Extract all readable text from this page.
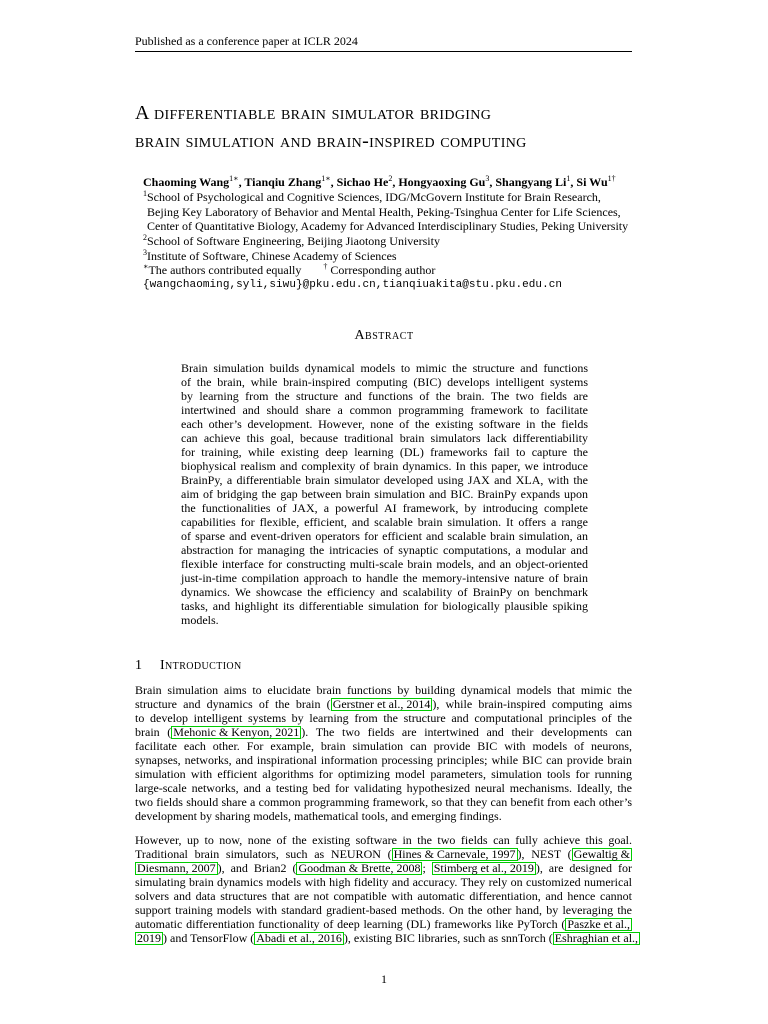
Published as a conference paper at ICLR 2024
A differentiable brain simulator bridging
brain simulation and brain-inspired computing
Chaoming Wang$^{1∗}$, Tianqiu Zhang$^{1∗}$, Sichao He$^2$, Hongyaoxing Gu$^3$, Shangyang Li$^1$, Si $Wu^{1\dagger}$
$^1$School of Psychological and Cognitive Sciences, IDG/McGovern Institute for Brain Research,
Bejing Key Laboratory of Behavior and Mental Health, Peking-Tsinghua Center for Life Sciences,
Center of Quantitative Biology, Academy for Advanced Interdisciplinary Studies, Peking University
$^2$School of Software Engineering, Beijing Jiaotong University
$^3$Institute of Software, Chinese Academy of Sciences
∗The authors contributed equally	† Corresponding author
{wangchaoming,syli,siwu}@pku.edu.cn,tianqiuakita@stu.pku.edu.cn
Abstract
Brain simulation builds dynamical models to mimic the structure and functions
of the brain, while brain-inspired computing (BIC) develops intelligent systems
by learning from the structure and functions of the brain. The two fields are
intertwined and should share a common programming framework to facilitate
each other’s development. However, none of the existing software in the fields
can achieve this goal, because traditional brain simulators lack differentiability
for training, while existing deep learning (DL) frameworks fail to capture the
biophysical realism and complexity of brain dynamics. In this paper, we introduce
BrainPy, a differentiable brain simulator developed using JAX and XLA, with the
aim of bridging the gap between brain simulation and BIC. BrainPy expands upon
the functionalities of JAX, a powerful AI framework, by introducing complete
capabilities for flexible, efficient, and scalable brain simulation. It offers a range
of sparse and event-driven operators for efficient and scalable brain simulation, an
abstraction for managing the intricacies of synaptic computations, a modular and
flexible interface for constructing multi-scale brain models, and an object-oriented
just-in-time compilation approach to handle the memory-intensive nature of brain
dynamics. We showcase the efficiency and scalability of BrainPy on benchmark
tasks, and highlight its differentiable simulation for biologically plausible spiking
models.
1 Introduction
Brain simulation aims to elucidate brain functions by building dynamical models that mimic the
structure and dynamics of the brain ( Gerstner et al., 2014 ), while brain-inspired computing aims
to develop intelligent systems by learning from the structure and computational principles of the
brain ( Mehonic & Kenyon, 2021 ). The two fields are intertwined and their developments can
facilitate each other. For example, brain simulation can provide BIC with models of neurons,
synapses, networks, and inspirational information processing principles; while BIC can provide brain
simulation with efficient algorithms for optimizing model parameters, simulation tools for running
large-scale networks, and a testing bed for validating hypothesized neural mechanisms. Ideally, the
two fields should share a common programming framework, so that they can benefit from each other’s
development by sharing models, mathematical tools, and emerging findings.
However, up to now, none of the existing software in the two fields can fully achieve this goal.
Traditional brain simulators, such as NEURON ( Hines & Carnevale, 1997 ), NEST ( Gewaltig &
Diesmann, 2007 ), and Brian2 ( Goodman & Brette, 2008 ; Stimberg et al., 2019 ), are designed for
simulating brain dynamics models with high fidelity and accuracy. They rely on customized numerical
solvers and data structures that are not compatible with automatic differentiation, and hence cannot
support training models with standard gradient-based methods. On the other hand, by leveraging the
automatic differentiation functionality of deep learning (DL) frameworks like PyTorch ( Paszke et al.,
2019 ) and TensorFlow ( Abadi et al., 2016 ), existing BIC libraries, such as snnTorch ( Eshraghian et al.,
1
